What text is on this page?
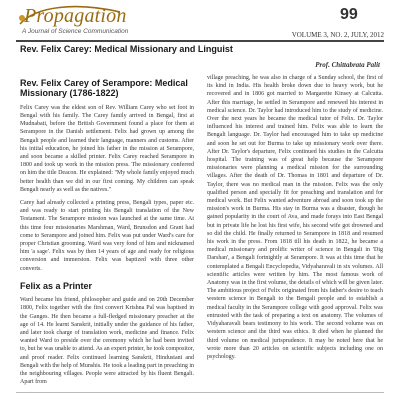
Propagation
A Journal of Science Communication
99
VOLUME 3, NO. 2, JULY, 2012
Rev. Felix Carey: Medical Missionary and Linguist
Prof. Chittabrata Palit
Rev. Felix Carey of Serampore: Medical Missionary (1786-1822)

Felix Carey was the eldest son of Rev. William Carey who set foot in Bengal with his family. The Carey family arrived in Bengal, first at Mudnabati, before the British Government found a place for them at Serampore in the Danish settlement. Felix had grown up among the Bengali people and learned their language, manners and customs. After his initial education, he joined his father in the mission at Serampore, and soon became a skilled printer. Felix Carey reached Serampore in 1800 and took up work in the mission press. The missionary conferred on him the title Deacon. He explained: "My whole family enjoyed much better health than we did in our first coming. My children can speak Bengali nearly as well as the natives."

Carey had already collected a printing press, Bengali types, paper etc. and was ready to start printing his Bengali translation of the New Testament. The Serampore mission was launched at the same time. At this time four missionaries Marshman, Ward, Brunsdon and Grant had come to Serampore and joined him. Felix was put under Ward's care for proper Christian grooming. Ward was very fond of him and nicknamed him 'a sage'. Felix was by then 14 years of age and ready for religious conversion and immersion. Felix was baptized with three other converts.

Felix as a Printer

Ward became his friend, philosopher and guide and on 20th December 1800, Felix together with the first convert Krishna Pal was baptised in the Ganges. He then became a full-fledged missionary preacher at the age of 14. He learnt Sanskrit, initially under the guidance of his father, and later took charge of translation work, medicine and finance. Felix wanted Ward to preside over the ceremony which he had been invited to, but he was unable to attend. As an expert printer, he took compositor, and proof reader. Felix continued learning Sanskrit, Hindustani and Bengali with the help of Munshis. He took a leading part in preaching in the neighbouring villages. People were attracted by his fluent Bengali. Apart from

village preaching, he was also in charge of a Sunday school, the first of its kind in India. His health broke down due to heavy work, but he recovered and in 1806 got married to Margarette Kinsey at Calcutta. After this marriage, he settled in Serampore and renewed his interest in medical science. Dr. Taylor had introduced him to the study of medicine. Over the next years he became the medical tutor of Felix. Dr. Taylor influenced his interest and trained him. Felix was able to learn the Bengali language. Dr. Taylor had encouraged him to take up medicine and soon he set out for Burma to take up missionary work over there. After Dr. Taylor's departure, Felix continued his studies in the Calcutta hospital. The training was of great help because the Serampore missionaries were planning a medical mission for the surrounding villages. After the death of Dr. Thomas in 1801 and departure of Dr. Taylor, there was no medical man in the mission. Felix was the only qualified person and specially fit for preaching and translation and for medical work. But Felix wanted adventure abroad and soon took up the mission's work in Burma. His stay in Burma was a disaster, though he gained popularity in the court of Ava, and made forays into East Bengal but in private life he lost his first wife, his second wife got drowned and so did the child. He finally returned to Serampore in 1818 and resumed his work in the press. From 1818 till his death in 1822, he became a medical missionary and prolific writer of science in Bengali in 'Dig Darshan', a Bengali fortnightly at Serampore. It was at this time that he contemplated a Bengali Encyclopedia, Vidyaharavali in six volumes. All scientific articles were written by him. The most famous work of Anatomy was in the first volume, the details of which will be given later. The ambitious project of Felix originated from his father's desire to teach western science in Bengali to the Bengali people and to establish a medical faculty in the Serampore college with good approval. Felix was entrusted with the task of preparing a text on anatomy. The volumes of Vidyaharavali bears testimony to his work. The second volume was on western science and the third was ethics. It died when he planned the third volume on medical jurisprudence. It may be noted here that he wrote more than 20 articles on scientific subjects including one on psychology.
